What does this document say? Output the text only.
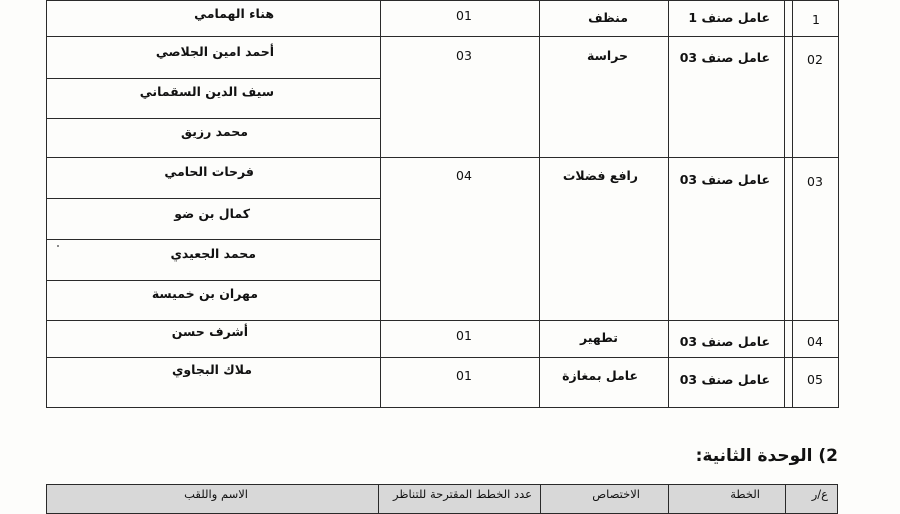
1
عامل صنف 1
منظف
01
هناء الهمامي
02
عامل صنف 03
حراسة
03
أحمد امين الجلاصي
سيف الدين السقماني
محمد رزيق
03
عامل صنف 03
رافع فضلات
04
فرحات الحامي
كمال بن ضو
محمد الجعيدي
مهران بن خميسة
04
عامل صنف 03
تطهير
01
أشرف حسن
05
عامل صنف 03
عامل بمغازة
01
ملاك البجاوي
2) الوحدة الثانية:
ع/ر
الخطة
الاختصاص
عدد الخطط المقترحة للتناظر
الاسم واللقب
